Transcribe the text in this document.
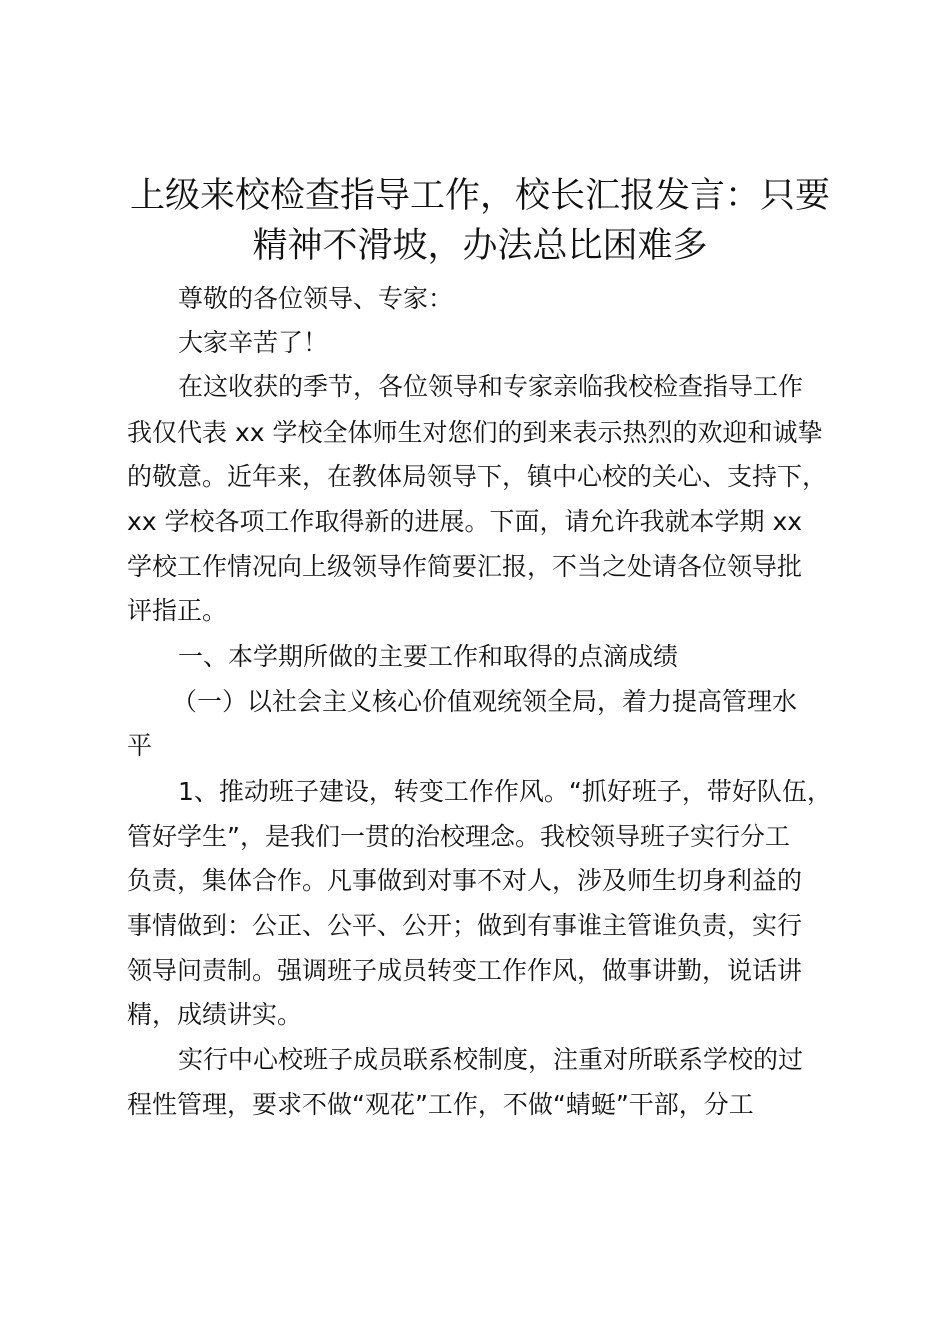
上级来校检查指导工作，校长汇报发言：只要
精神不滑坡，办法总比困难多
尊敬的各位领导、专家：
大家辛苦了！
在这收获的季节，各位领导和专家亲临我校检查指导工作
我仅代表 xx 学校全体师生对您们的到来表示热烈的欢迎和诚挚
的敬意。近年来，在教体局领导下，镇中心校的关心、支持下，
xx 学校各项工作取得新的进展。下面，请允许我就本学期 xx
学校工作情况向上级领导作简要汇报，不当之处请各位领导批
评指正。
一、本学期所做的主要工作和取得的点滴成绩
（一）以社会主义核心价值观统领全局，着力提高管理水
平
1、推动班子建设，转变工作作风。“抓好班子，带好队伍，
管好学生”，是我们一贯的治校理念。我校领导班子实行分工
负责，集体合作。凡事做到对事不对人，涉及师生切身利益的
事情做到：公正、公平、公开；做到有事谁主管谁负责，实行
领导问责制。强调班子成员转变工作作风，做事讲勤，说话讲
精，成绩讲实。
实行中心校班子成员联系校制度，注重对所联系学校的过
程性管理，要求不做“观花”工作，不做“蜻蜓”干部，分工
